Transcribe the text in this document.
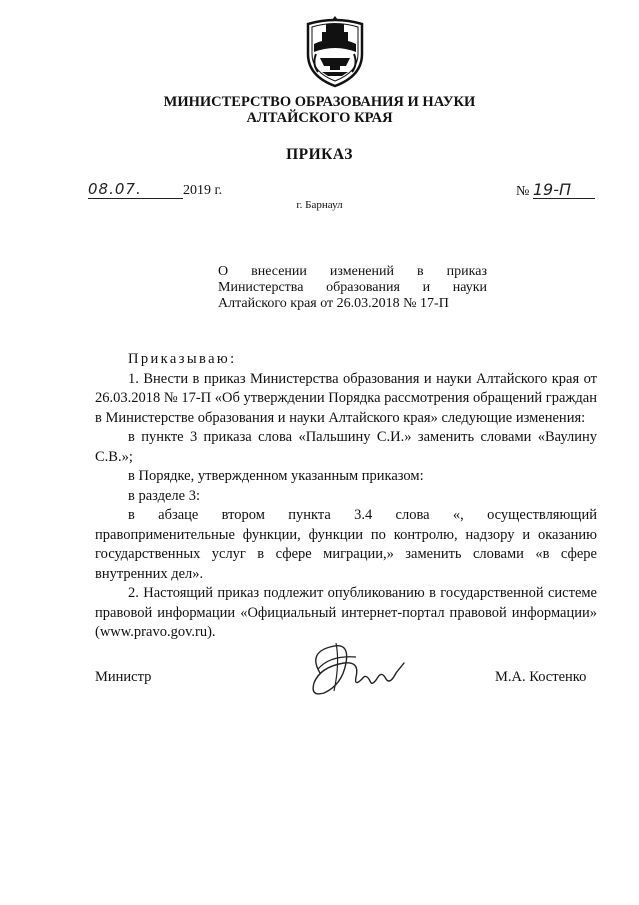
МИНИСТЕРСТВО ОБРАЗОВАНИЯ И НАУКИ
АЛТАЙСКОГО КРАЯ
ПРИКАЗ
08.07.	2019 г.	№ 19-П
г. Барнаул
О внесении изменений в приказ Министерства образования и науки Алтайского края от 26.03.2018 № 17-П

Приказываю:

1. Внести в приказ Министерства образования и науки Алтайского края от 26.03.2018 № 17-П «Об утверждении Порядка рассмотрения обращений граждан в Министерстве образования и науки Алтайского края» следующие изменения:

в пункте 3 приказа слова «Пальшину С.И.» заменить словами «Ваулину С.В.»;

в Порядке, утвержденном указанным приказом:

в разделе 3:

в абзаце втором пункта 3.4 слова «, осуществляющий правоприменительные функции, функции по контролю, надзору и оказанию государственных услуг в сфере миграции,» заменить словами «в сфере внутренних дел».

2. Настоящий приказ подлежит опубликованию в государственной системе правовой информации «Официальный интернет-портал правовой информации» (www.pravo.gov.ru).

Министр	М.А. Костенко
